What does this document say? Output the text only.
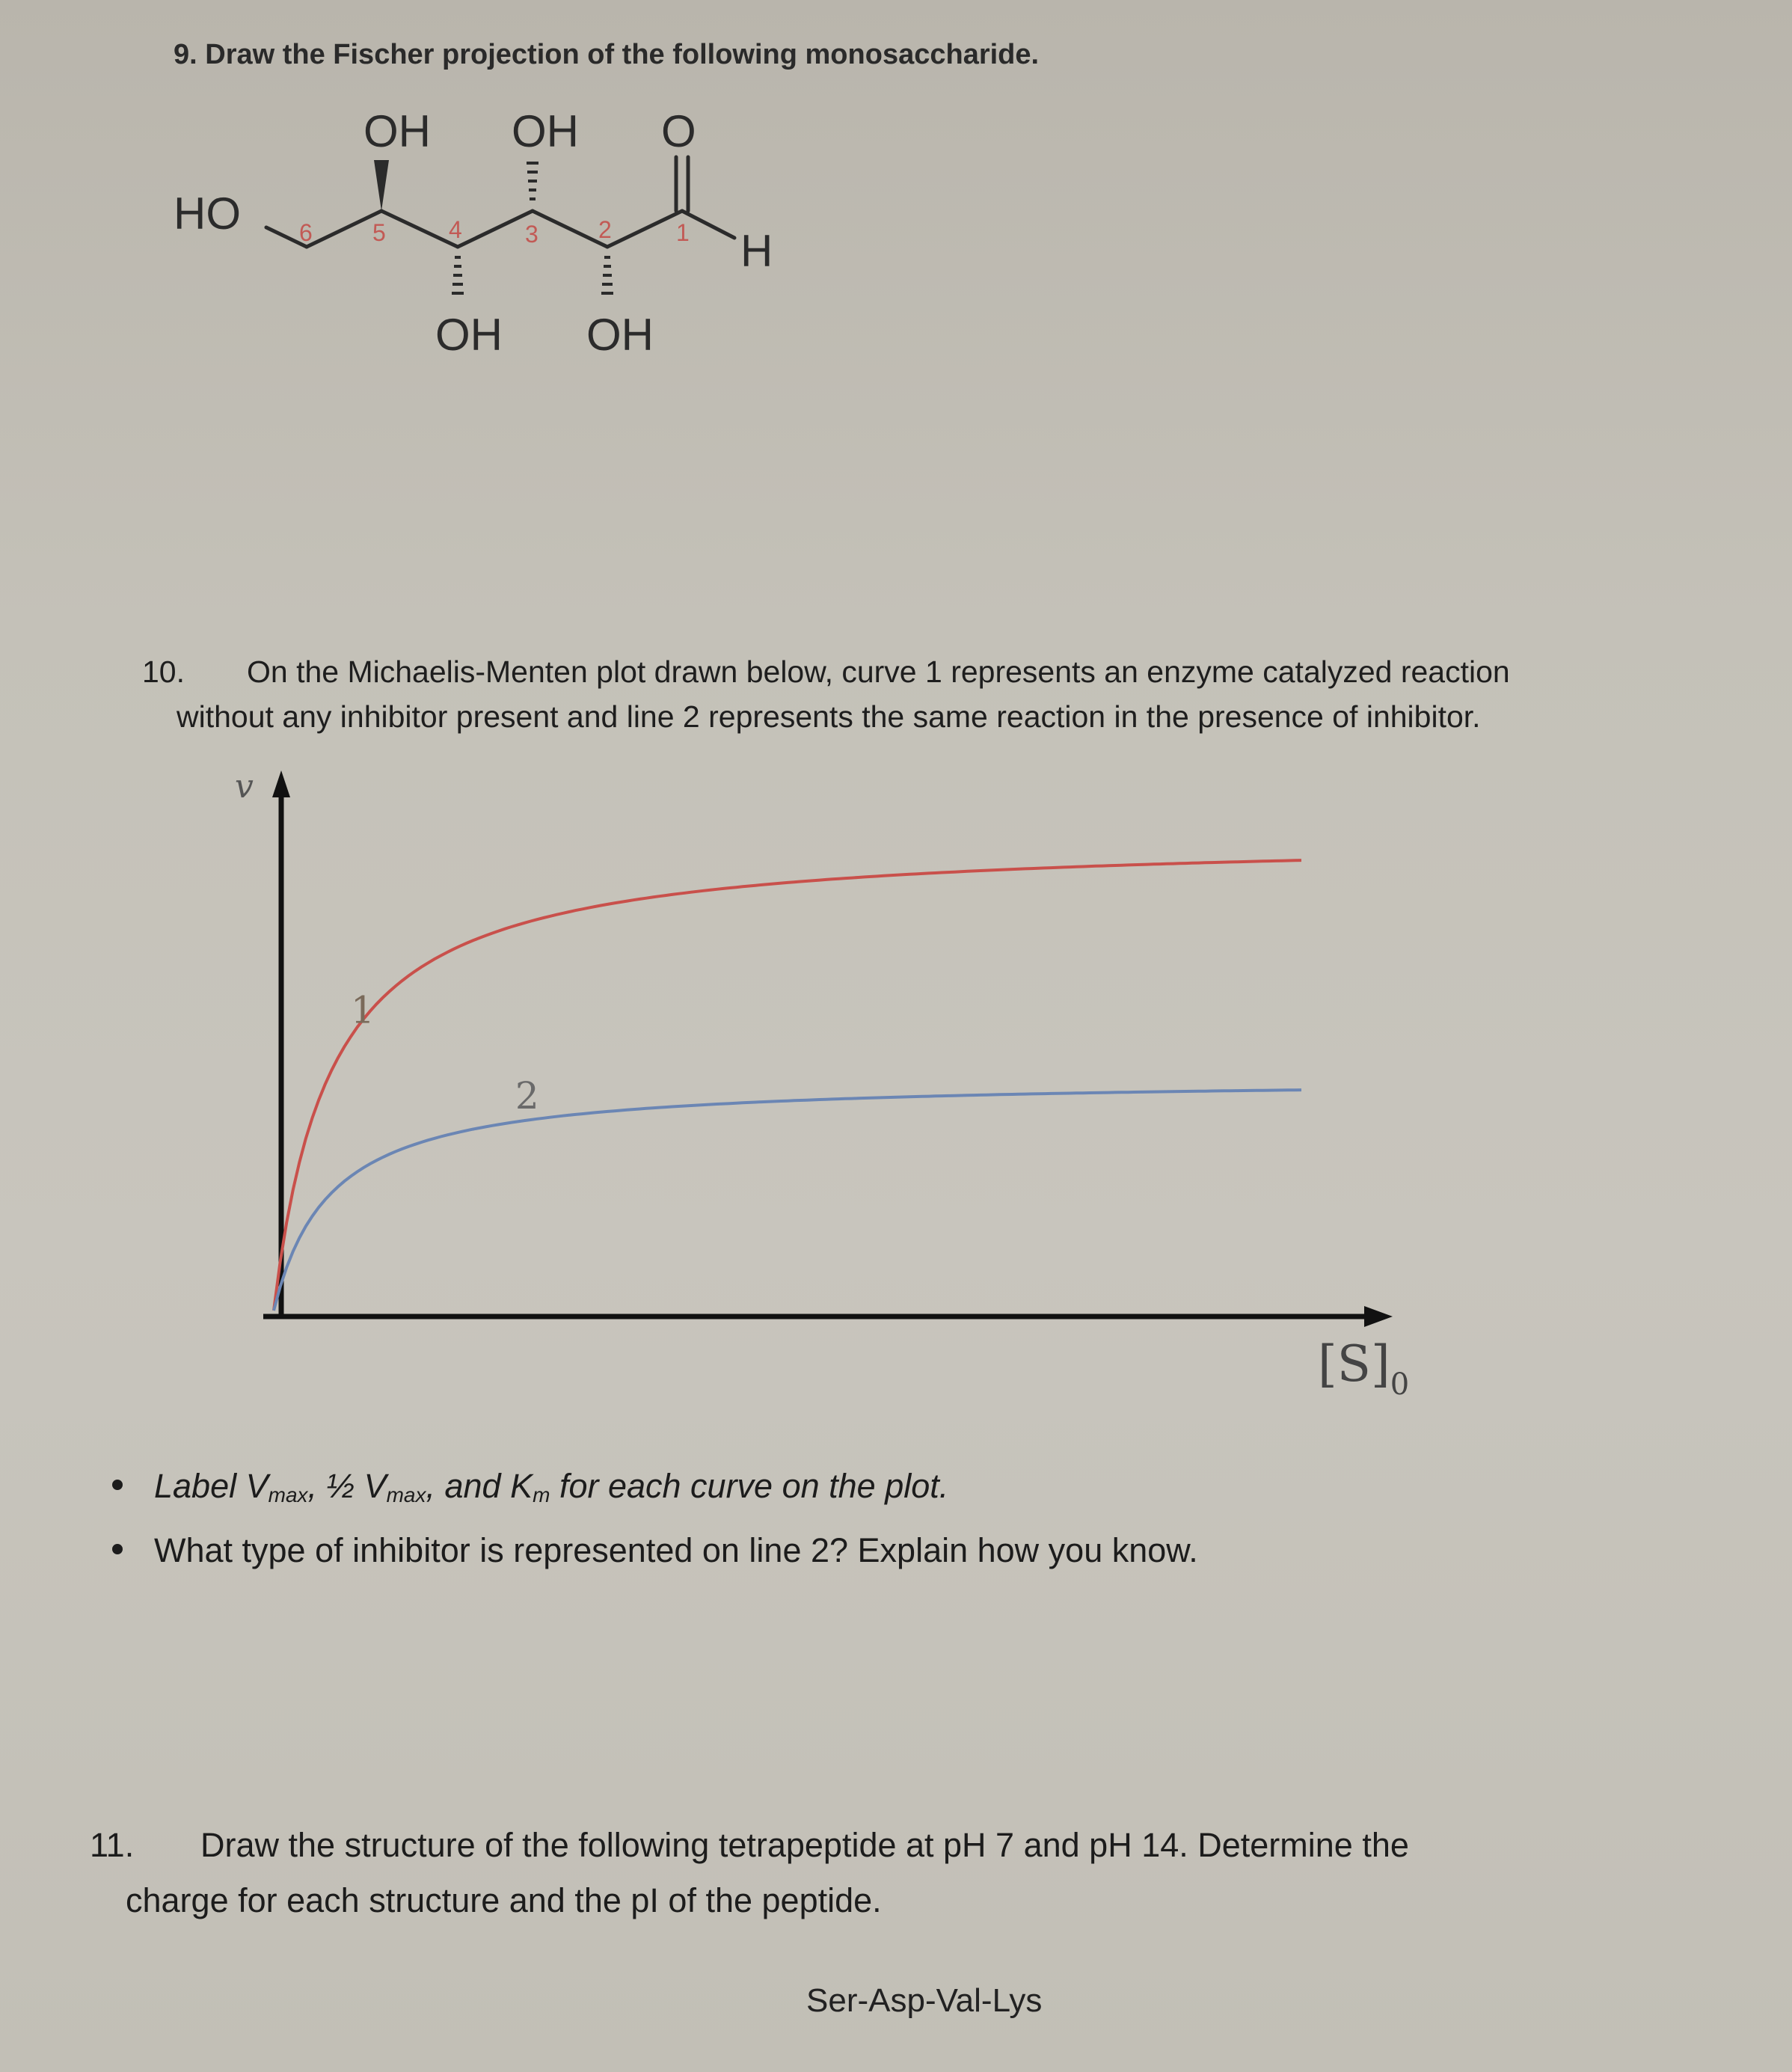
9. Draw the Fischer projection of the following monosaccharide.
HO
OH OH O
H
OH OH
6	5	4	3	2	1
10. On the Michaelis-Menten plot drawn below, curve 1 represents an enzyme catalyzed reaction
without any inhibitor present and line 2 represents the same reaction in the presence of inhibitor.
1
2
v
$[S]_0$
Label $V_{max}$, ½ $V_{max}$, and $K_m$ for each curve on the plot.
What type of inhibitor is represented on line 2? Explain how you know.
11. Draw the structure of the following tetrapeptide at pH 7 and pH 14. Determine the
charge for each structure and the pI of the peptide.
Ser-Asp-Val-Lys
